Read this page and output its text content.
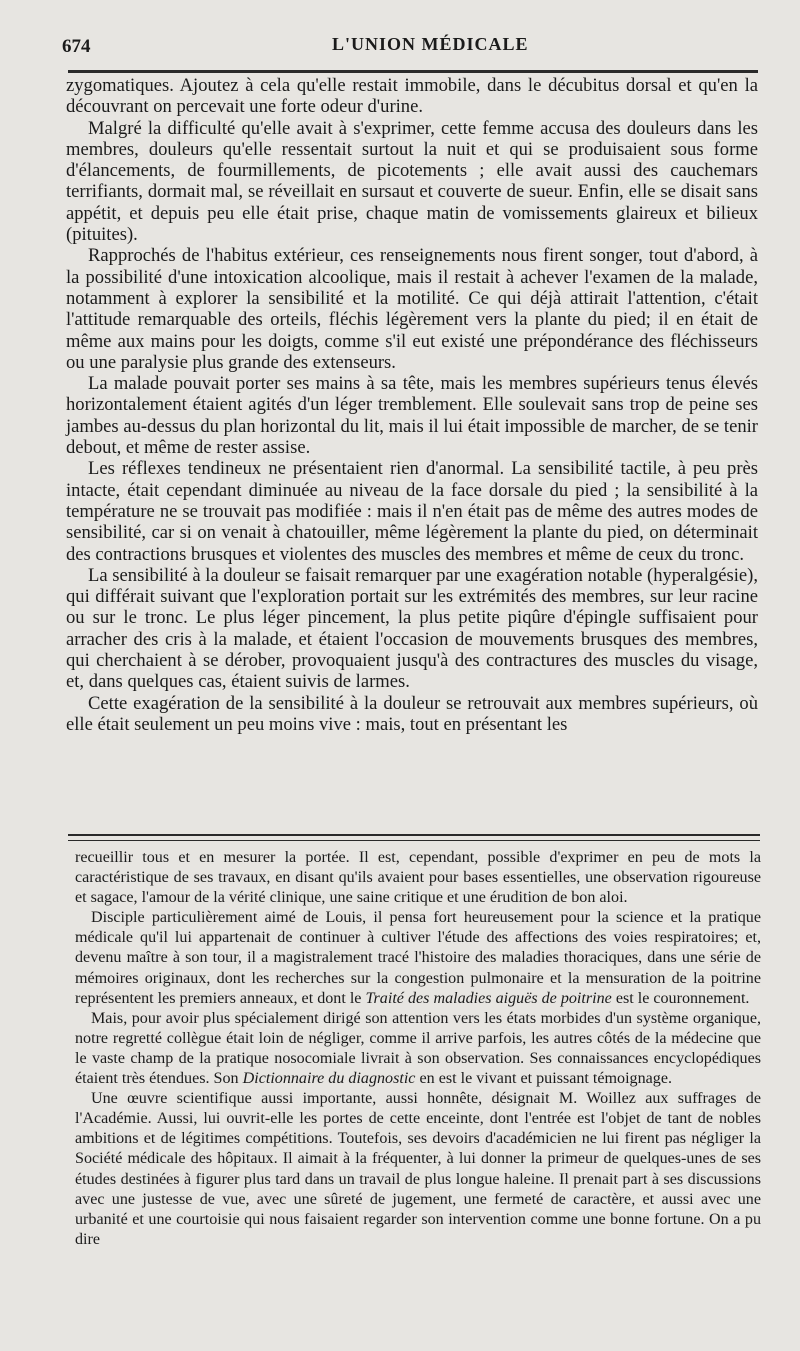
674	L'UNION MÉDICALE

zygomatiques. Ajoutez à cela qu'elle restait immobile, dans le décubitus dorsal et qu'en la découvrant on percevait une forte odeur d'urine.

Malgré la difficulté qu'elle avait à s'exprimer, cette femme accusa des douleurs dans les membres, douleurs qu'elle ressentait surtout la nuit et qui se produisaient sous forme d'élancements, de fourmillements, de picotements ; elle avait aussi des cauchemars terrifiants, dormait mal, se réveillait en sursaut et couverte de sueur. Enfin, elle se disait sans appétit, et depuis peu elle était prise, chaque matin de vomissements glaireux et bilieux (pituites).

Rapprochés de l'habitus extérieur, ces renseignements nous firent songer, tout d'abord, à la possibilité d'une intoxication alcoolique, mais il restait à achever l'examen de la malade, notamment à explorer la sensibilité et la motilité. Ce qui déjà attirait l'attention, c'était l'attitude remarquable des orteils, fléchis légèrement vers la plante du pied; il en était de même aux mains pour les doigts, comme s'il eut existé une prépondérance des fléchisseurs ou une paralysie plus grande des extenseurs.

La malade pouvait porter ses mains à sa tête, mais les membres supérieurs tenus élevés horizontalement étaient agités d'un léger tremblement. Elle soulevait sans trop de peine ses jambes au-dessus du plan horizontal du lit, mais il lui était impossible de marcher, de se tenir debout, et même de rester assise.

Les réflexes tendineux ne présentaient rien d'anormal. La sensibilité tactile, à peu près intacte, était cependant diminuée au niveau de la face dorsale du pied ; la sensibilité à la température ne se trouvait pas modifiée : mais il n'en était pas de même des autres modes de sensibilité, car si on venait à chatouiller, même légèrement la plante du pied, on déterminait des contractions brusques et violentes des muscles des membres et même de ceux du tronc.

La sensibilité à la douleur se faisait remarquer par une exagération notable (hyperalgésie), qui différait suivant que l'exploration portait sur les extrémités des membres, sur leur racine ou sur le tronc. Le plus léger pincement, la plus petite piqûre d'épingle suffisaient pour arracher des cris à la malade, et étaient l'occasion de mouvements brusques des membres, qui cherchaient à se dérober, provoquaient jusqu'à des contractures des muscles du visage, et, dans quelques cas, étaient suivis de larmes.

Cette exagération de la sensibilité à la douleur se retrouvait aux membres supérieurs, où elle était seulement un peu moins vive : mais, tout en présentant les

recueillir tous et en mesurer la portée. Il est, cependant, possible d'exprimer en peu de mots la caractéristique de ses travaux, en disant qu'ils avaient pour bases essentielles, une observation rigoureuse et sagace, l'amour de la vérité clinique, une saine critique et une érudition de bon aloi.

Disciple particulièrement aimé de Louis, il pensa fort heureusement pour la science et la pratique médicale qu'il lui appartenait de continuer à cultiver l'étude des affections des voies respiratoires; et, devenu maître à son tour, il a magistralement tracé l'histoire des maladies thoraciques, dans une série de mémoires originaux, dont les recherches sur la congestion pulmonaire et la mensuration de la poitrine représentent les premiers anneaux, et dont le Traité des maladies aiguës de poitrine est le couronnement.

Mais, pour avoir plus spécialement dirigé son attention vers les états morbides d'un système organique, notre regretté collègue était loin de négliger, comme il arrive parfois, les autres côtés de la médecine que le vaste champ de la pratique nosocomiale livrait à son observation. Ses connaissances encyclopédiques étaient très étendues. Son Dictionnaire du diagnostic en est le vivant et puissant témoignage.

Une œuvre scientifique aussi importante, aussi honnête, désignait M. Woillez aux suffrages de l'Académie. Aussi, lui ouvrit-elle les portes de cette enceinte, dont l'entrée est l'objet de tant de nobles ambitions et de légitimes compétitions. Toutefois, ses devoirs d'académicien ne lui firent pas négliger la Société médicale des hôpitaux. Il aimait à la fréquenter, à lui donner la primeur de quelques-unes de ses études destinées à figurer plus tard dans un travail de plus longue haleine. Il prenait part à ses discussions avec une justesse de vue, avec une sûreté de jugement, une fermeté de caractère, et aussi avec une urbanité et une courtoisie qui nous faisaient regarder son intervention comme une bonne fortune. On a pu dire
